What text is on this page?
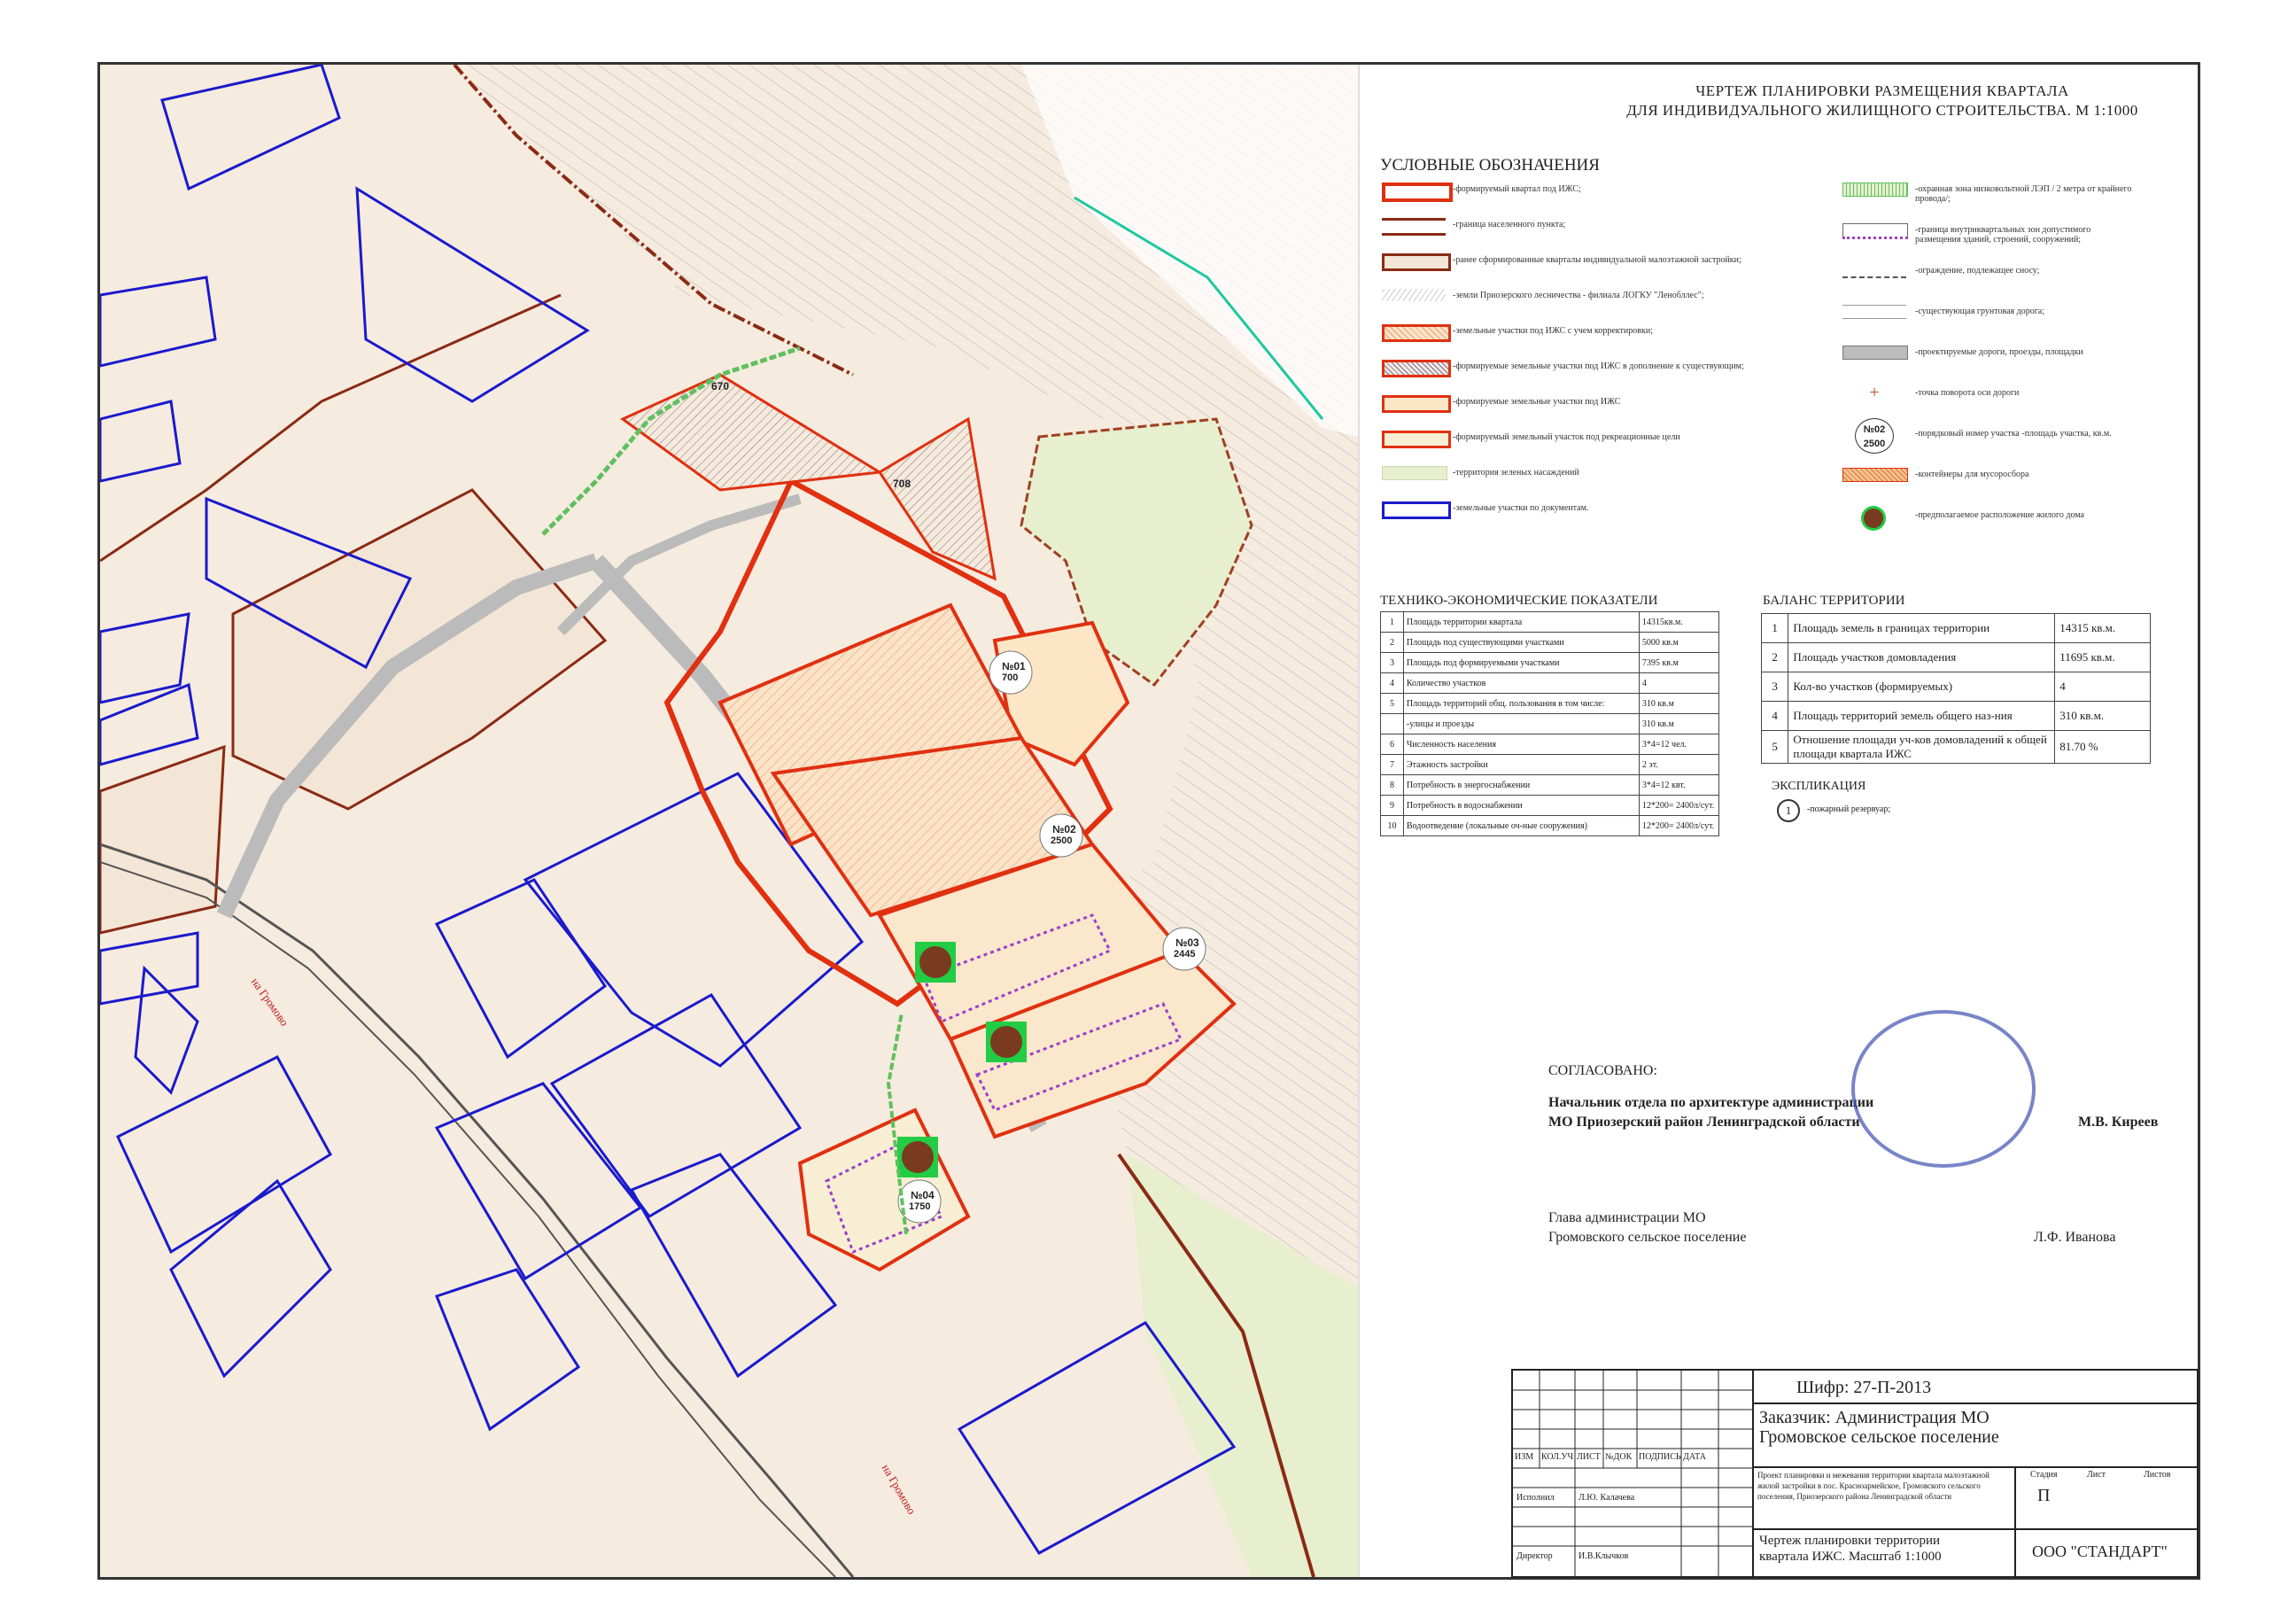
№01
700
№02
2500
№03
2445
№04
1750
670
708
на Громово
на Громово
ЧЕРТЕЖ ПЛАНИРОВКИ РАЗМЕЩЕНИЯ КВАРТАЛА
ДЛЯ ИНДИВИДУАЛЬНОГО ЖИЛИЩНОГО СТРОИТЕЛЬСТВА. М 1:1000
УСЛОВНЫЕ ОБОЗНАЧЕНИЯ
-формируемый квартал под ИЖС;
-граница населенного пункта;
-ранее сформированные кварталы индивидуальной малоэтажной застройки;
-земли Приозерского лесничества - филиала ЛОГКУ "Ленобллес";
-земельные участки под ИЖС с учем корректировки;
-формируемые земельные участки под ИЖС в дополнение к существующим;
-формируемые земельные участки под ИЖС
-формируемый земельный участок под рекреационные цели
-территория зеленых насаждений
-земельные участки по документам.
-охранная зона низковольтной ЛЭП / 2 метра от крайнего провода/;
-граница внутриквартальных зон допустимого размещения зданий, строений, сооружений;
-ограждение, подлежащее сносу;
-существующая грунтовая дорога;
-проектируемые дороги, проезды, площадки
+	-точка поворота оси дороги
№02
2500
-порядковый номер участка -площадь участка, кв.м.
-контейнеры для мусоросбора
-предполагаемое расположение жилого дома
ТЕХНИКО-ЭКОНОМИЧЕСКИЕ ПОКАЗАТЕЛИ
1	Площадь территории квартала	14315кв.м.
2	Площадь под существующими участками	5000 кв.м
3	Площадь под формируемыми участками	7395 кв.м
4	Количество участков	4
5	Площадь территорий общ. пользования в том числе:	310 кв.м
	-улицы и проезды	310 кв.м
6	Численность населения	3*4=12 чел.
7	Этажность застройки	2 эт.
8	Потребность в энергоснабжении	3*4=12 квт.
9	Потребность в водоснабжении	12*200= 2400л/сут.
10	Водоотведение (локальные оч-ные сооружения)	12*200= 2400л/сут.
БАЛАНС ТЕРРИТОРИИ
1	Площадь земель в границах территории	14315 кв.м.
2	Площадь участков домовладения	11695 кв.м.
3	Кол-во участков (формируемых)	4
4	Площадь территорий земель общего наз-ния	310 кв.м.
5	Отношение площади уч-ков домовладений к общей площади квартала ИЖС	81.70 %
ЭКСПЛИКАЦИЯ
1	-пожарный резервуар;
СОГЛАСОВАНО:
Начальник отдела по архитектуре администрации
МО Приозерский район Ленинградской области	М.В. Киреев
Глава администрации МО
Громовского сельское поселение	Л.Ф. Иванова
ИЗМ КОЛ.УЧ ЛИСТ №ДОК ПОДПИСЬ ДАТА
Исполнил	Л.Ю. Калачева
Директор	И.В.Клычков
Шифр: 27-П-2013
Заказчик: Администрация МО
Громовское сельское поселение
Проект планировки и межевания территории квартала малоэтажной жилой застройки в пос. Красноармейское, Громовского сельского поселения, Приозерского района Ленинградской области
Стадия	Лист	Листов
П
Чертеж планировки территории
квартала ИЖС. Масштаб 1:1000	ООО "СТАНДАРТ"
